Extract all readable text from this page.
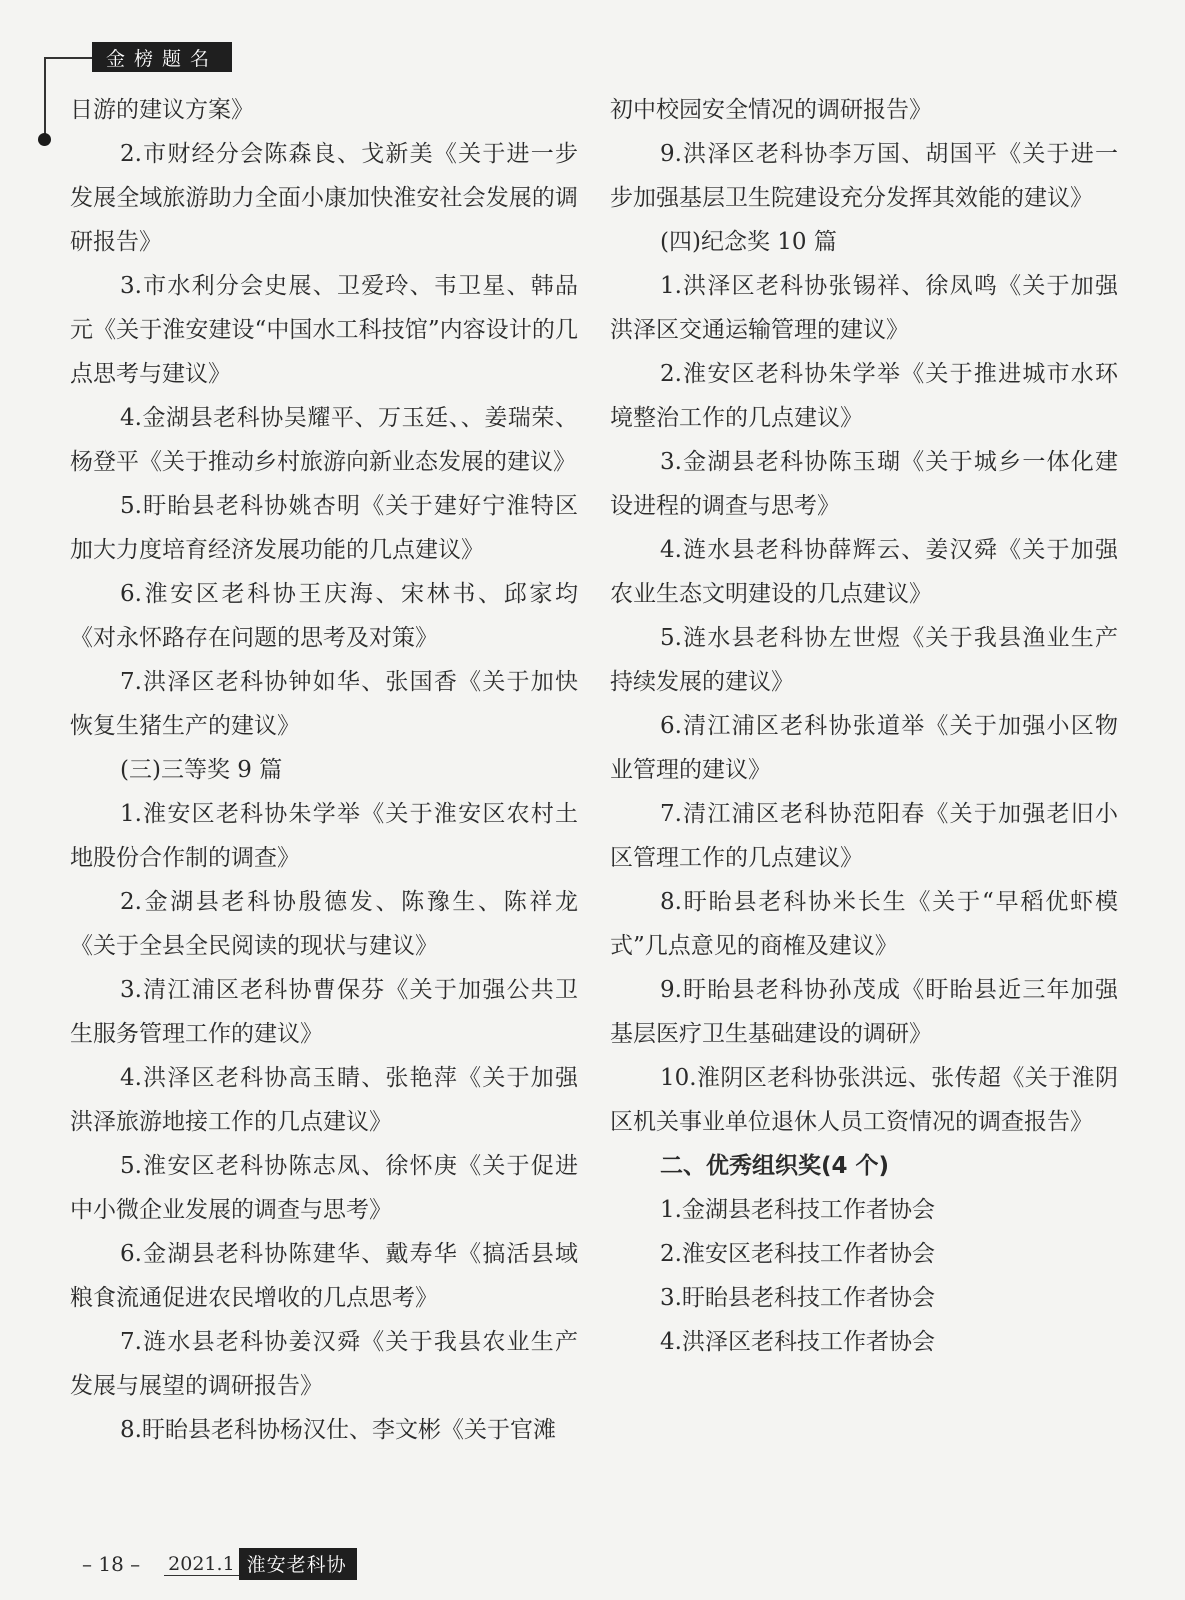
金榜题名

日游的建议方案》

2.市财经分会陈森良、戈新美《关于进一步发展全域旅游助力全面小康加快淮安社会发展的调研报告》

3.市水利分会史展、卫爱玲、韦卫星、韩品元《关于淮安建设“中国水工科技馆”内容设计的几点思考与建议》

4.金湖县老科协吴耀平、万玉廷、、姜瑞荣、杨登平《关于推动乡村旅游向新业态发展的建议》

5.盱眙县老科协姚杏明《关于建好宁淮特区加大力度培育经济发展功能的几点建议》

6.淮安区老科协王庆海、宋林书、邱家均《对永怀路存在问题的思考及对策》

7.洪泽区老科协钟如华、张国香《关于加快恢复生猪生产的建议》

(三)三等奖 9 篇

1.淮安区老科协朱学举《关于淮安区农村土地股份合作制的调查》

2.金湖县老科协殷德发、陈豫生、陈祥龙《关于全县全民阅读的现状与建议》

3.清江浦区老科协曹保芬《关于加强公共卫生服务管理工作的建议》

4.洪泽区老科协高玉睛、张艳萍《关于加强洪泽旅游地接工作的几点建议》

5.淮安区老科协陈志凤、徐怀庚《关于促进中小微企业发展的调查与思考》

6.金湖县老科协陈建华、戴寿华《搞活县域粮食流通促进农民增收的几点思考》

7.涟水县老科协姜汉舜《关于我县农业生产发展与展望的调研报告》

8.盱眙县老科协杨汉仕、李文彬《关于官滩

初中校园安全情况的调研报告》

9.洪泽区老科协李万国、胡国平《关于进一步加强基层卫生院建设充分发挥其效能的建议》

(四)纪念奖 10 篇

1.洪泽区老科协张锡祥、徐凤鸣《关于加强洪泽区交通运输管理的建议》

2.淮安区老科协朱学举《关于推进城市水环境整治工作的几点建议》

3.金湖县老科协陈玉瑚《关于城乡一体化建设进程的调查与思考》

4.涟水县老科协薛辉云、姜汉舜《关于加强农业生态文明建设的几点建议》

5.涟水县老科协左世煜《关于我县渔业生产持续发展的建议》

6.清江浦区老科协张道举《关于加强小区物业管理的建议》

7.清江浦区老科协范阳春《关于加强老旧小区管理工作的几点建议》

8.盱眙县老科协米长生《关于“早稻优虾模式”几点意见的商榷及建议》

9.盱眙县老科协孙茂成《盱眙县近三年加强基层医疗卫生基础建设的调研》

10.淮阴区老科协张洪远、张传超《关于淮阴区机关事业单位退休人员工资情况的调查报告》

二、优秀组织奖(4 个)

1.金湖县老科技工作者协会

2.淮安区老科技工作者协会

3.盱眙县老科技工作者协会

4.洪泽区老科技工作者协会

– 18 – 2021.1 淮安老科协
